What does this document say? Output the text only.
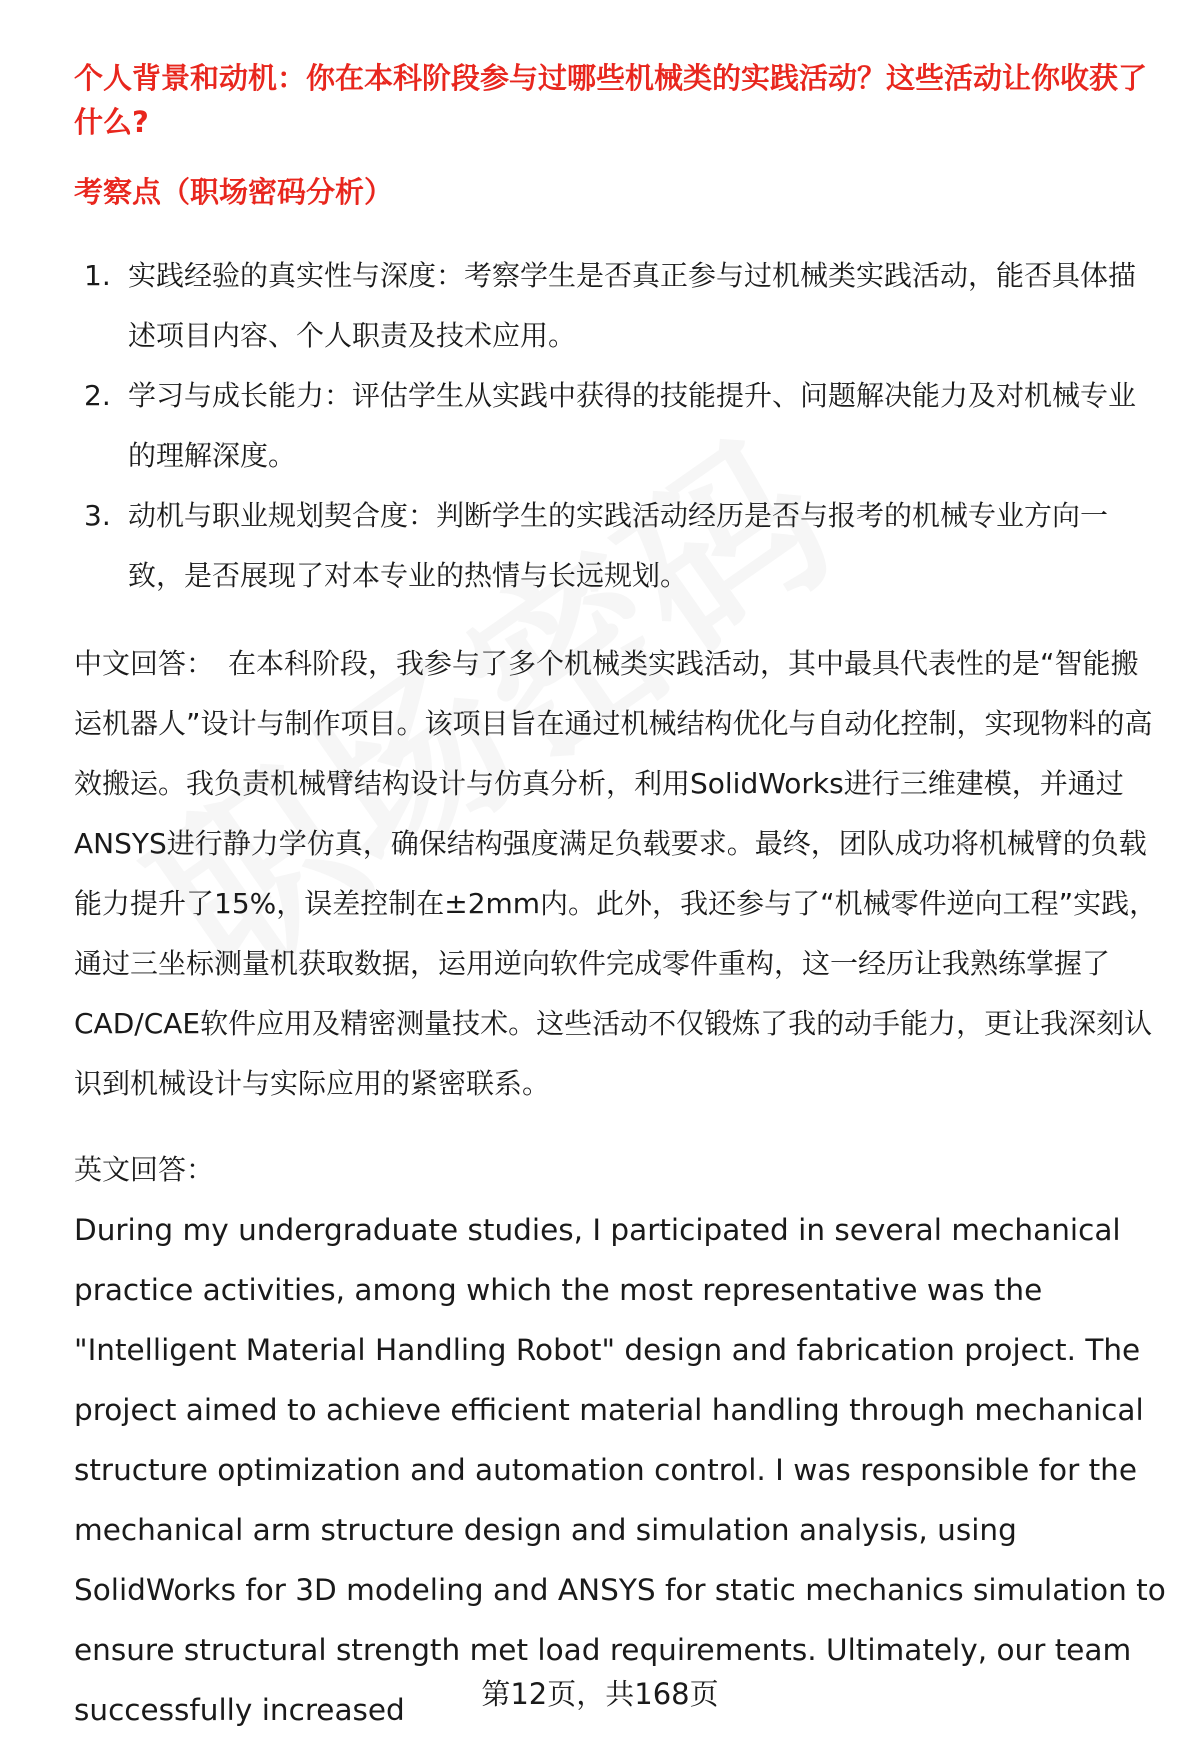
个人背景和动机：你在本科阶段参与过哪些机械类的实践活动？这些活动让你收获了什么?
考察点（职场密码分析）
1. 实践经验的真实性与深度：考察学生是否真正参与过机械类实践活动，能否具体描述项目内容、个人职责及技术应用。
2. 学习与成长能力：评估学生从实践中获得的技能提升、问题解决能力及对机械专业的理解深度。
3. 动机与职业规划契合度：判断学生的实践活动经历是否与报考的机械专业方向一致，是否展现了对本专业的热情与长远规划。
中文回答： 在本科阶段，我参与了多个机械类实践活动，其中最具代表性的是“智能搬运机器人”设计与制作项目。该项目旨在通过机械结构优化与自动化控制，实现物料的高效搬运。我负责机械臂结构设计与仿真分析，利用SolidWorks进行三维建模，并通过ANSYS进行静力学仿真，确保结构强度满足负载要求。最终，团队成功将机械臂的负载能力提升了15%，误差控制在±2mm内。此外，我还参与了“机械零件逆向工程”实践，通过三坐标测量机获取数据，运用逆向软件完成零件重构，这一经历让我熟练掌握了CAD/CAE软件应用及精密测量技术。这些活动不仅锻炼了我的动手能力，更让我深刻认识到机械设计与实际应用的紧密联系。
英文回答：
During my undergraduate studies, I participated in several mechanical practice activities, among which the most representative was the "Intelligent Material Handling Robot" design and fabrication project. The project aimed to achieve efficient material handling through mechanical structure optimization and automation control. I was responsible for the mechanical arm structure design and simulation analysis, using SolidWorks for 3D modeling and ANSYS for static mechanics simulation to ensure structural strength met load requirements. Ultimately, our team successfully increased	第12页，共168页
